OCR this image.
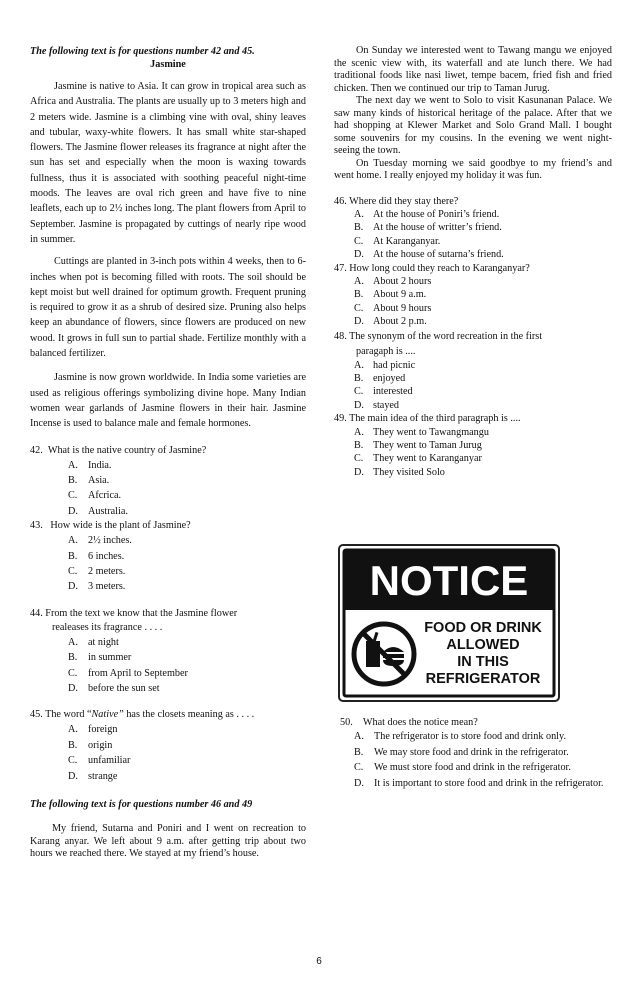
The following text is for questions number 42 and 45.

Jasmine

Jasmine is native to Asia. It can grow in tropical area such as Africa and Australia. The plants are usually up to 3 meters high and 2 meters wide. Jasmine is a climbing vine with oval, shiny leaves and tubular, waxy-white flowers. It has small white star-shaped flowers. The Jasmine flower releases its fragrance at night after the sun has set and especially when the moon is waxing towards fullness, thus it is associated with soothing peaceful night-time moods. The leaves are oval rich green and have five to nine leaflets, each up to 2½ inches long. The plant flowers from April to September. Jasmine is propagated by cuttings of nearly ripe wood in summer.

Cuttings are planted in 3-inch pots within 4 weeks, then to 6-inches when pot is becoming filled with roots. The soil should be kept moist but well drained for optimum growth. Frequent pruning is required to grow it as a shrub of desired size. Pruning also helps keep an abundance of flowers, since flowers are produced on new wood. It grows in full sun to partial shade. Fertilize monthly with a balanced fertilizer.

Jasmine is now grown worldwide. In India some varieties are used as religious offerings symbolizing divine hope. Many Indian women wear garlands of Jasmine flowers in their hair. Jasmine Incense is used to balance male and female hormones.

42. What is the native country of Jasmine?

A. India.
B.	Asia.
C.	Afcrica.
D. Australia.

43. How wide is the plant of Jasmine?

A. 2½ inches.
B.	6 inches.
C.	2 meters.
D. 3 meters.

44. From the text we know that the Jasmine flower

realeases its fragrance . . . .

A. at night
B.	in summer
C.	from April to September
D. before the sun set

45. The word “Native” has the closets meaning as . . . .

A. foreign
B.	origin
C.	unfamiliar
D. strange

The following text is for questions number 46 and 49

My friend, Sutarna and Poniri and I went on recreation to Karang anyar. We left about 9 a.m. after getting trip about two hours we reached there. We stayed at my friend’s house.

On Sunday we interested went to Tawang mangu we enjoyed the scenic view with, its waterfall and ate lunch there. We had traditional foods like nasi liwet, tempe bacem, fried fish and fried chicken. Then we continued our trip to Taman Jurug.

The next day we went to Solo to visit Kasunanan Palace. We saw many kinds of historical heritage of the palace. After that we had shopping at Klewer Market and Solo Grand Mall. I bought some souvenirs for my cousins. In the evening we went night-seeing the town.

On Tuesday morning we said goodbye to my friend’s and went home. I really enjoyed my holiday it was fun.

46. Where did they stay there?

A. At the house of Poniri’s friend.
B. At the house of writter’s friend.
C. At Karanganyar.
D. At the house of sutarna’s friend.

47. How long could they reach to Karanganyar?

A. About 2 hours
B. About 9 a.m.
C. About 9 hours
D. About 2 p.m.

48. The synonym of the word recreation in the first

paragaph is ....

A. had picnic
B. enjoyed
C. interested
D. stayed

49. The main idea of the third paragraph is ....

A. They went to Tawangmangu
B. They went to Taman Jurug
C. They went to Karanganyar
D. They visited Solo

50. What does the notice mean?

A. The refrigerator is to store food and drink only.
B.	We may store food and drink in the refrigerator.
C.	We must store food and drink in the refrigerator.
D. It is important to store food and drink in the refrigerator.
NOTICE
FOOD OR DRINK
ALLOWED
IN THIS
REFRIGERATOR
6
